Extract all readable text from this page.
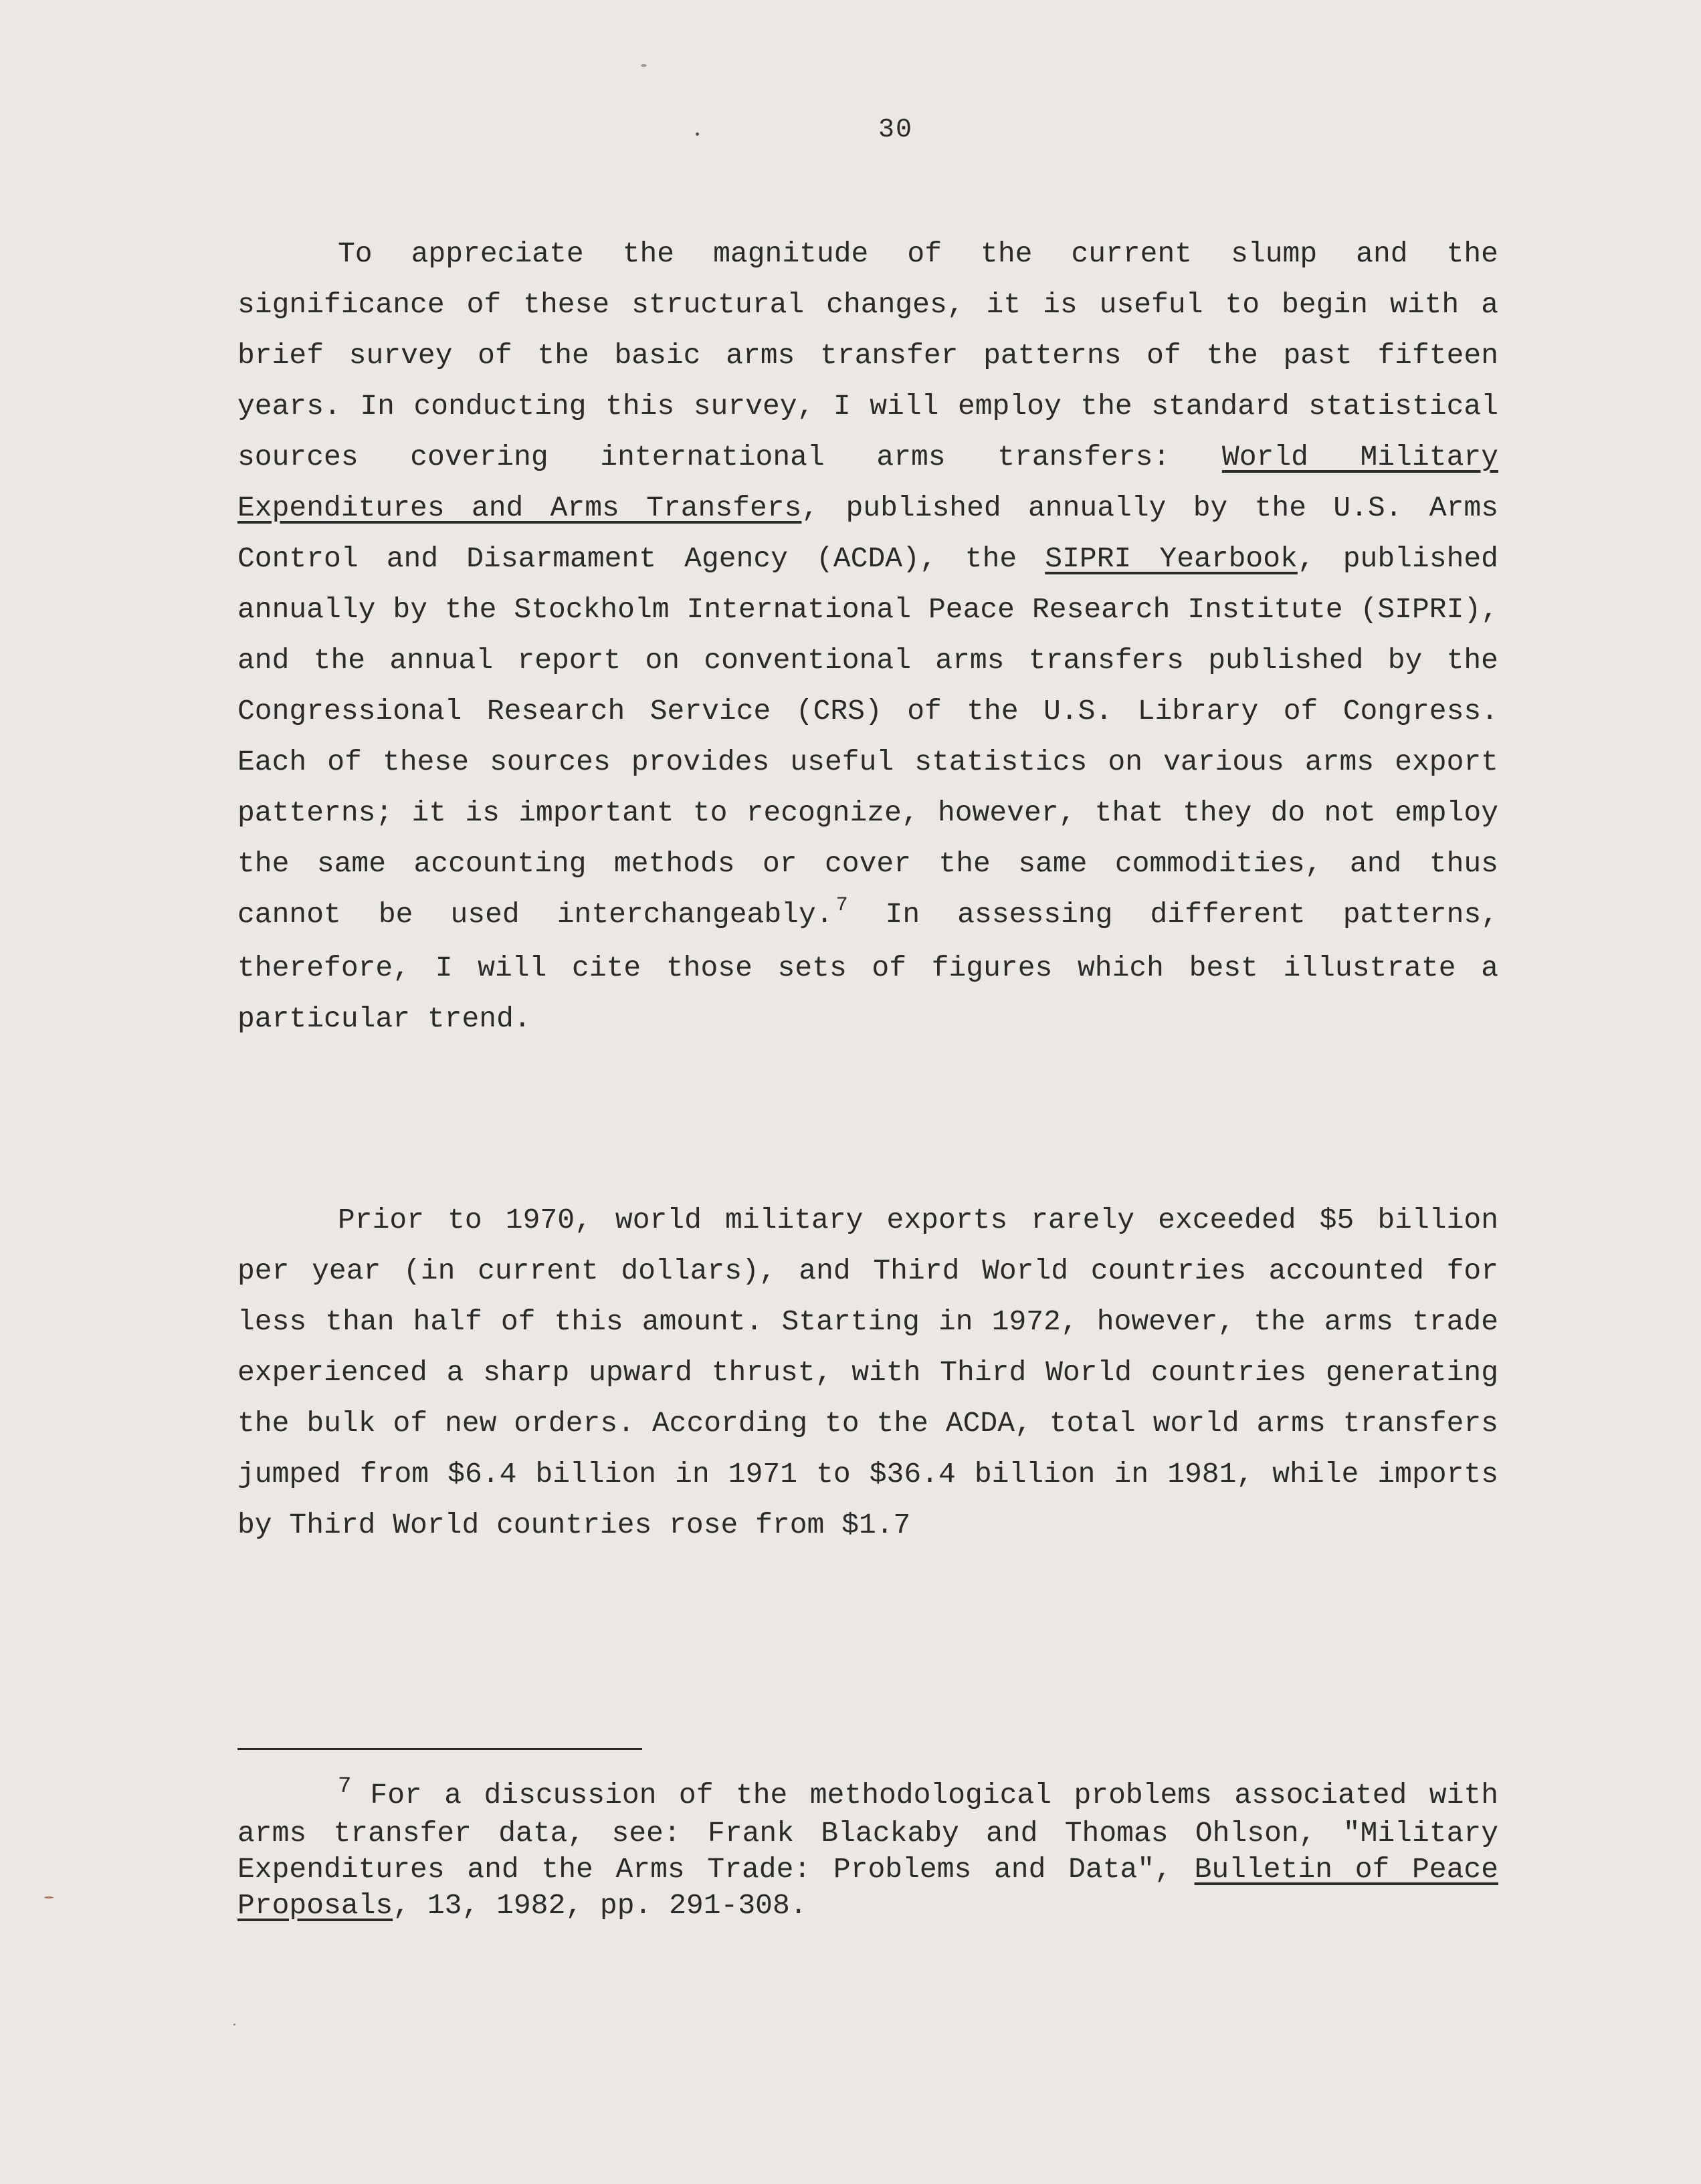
30

To appreciate the magnitude of the current slump and the significance of these structural changes, it is useful to begin with a brief survey of the basic arms transfer patterns of the past fifteen years. In conducting this survey, I will employ the standard statistical sources covering international arms transfers: World Military Expenditures and Arms Transfers, published annually by the U.S. Arms Control and Disarmament Agency (ACDA), the SIPRI Yearbook, published annually by the Stockholm International Peace Research Institute (SIPRI), and the annual report on conventional arms transfers published by the Congressional Research Service (CRS) of the U.S. Library of Congress. Each of these sources provides useful statistics on various arms export patterns; it is important to recognize, however, that they do not employ the same accounting methods or cover the same commodities, and thus cannot be used interchangeably. $^7$ In assessing different patterns, therefore, I will cite those sets of figures which best illustrate a particular trend.

Prior to 1970, world military exports rarely exceeded $5 billion per year (in current dollars), and Third World countries accounted for less than half of this amount. Starting in 1972, however, the arms trade experienced a sharp upward thrust, with Third World countries generating the bulk of new orders. According to the ACDA, total world arms transfers jumped from $6.4 billion in 1971 to $36.4 billion in 1981, while imports by Third World countries rose from $1.7

$^7$ For a discussion of the methodological problems associated with arms transfer data, see: Frank Blackaby and Thomas Ohlson, "Military Expenditures and the Arms Trade: Problems and Data", Bulletin of Peace Proposals, 13, 1982, pp. 291-308.
